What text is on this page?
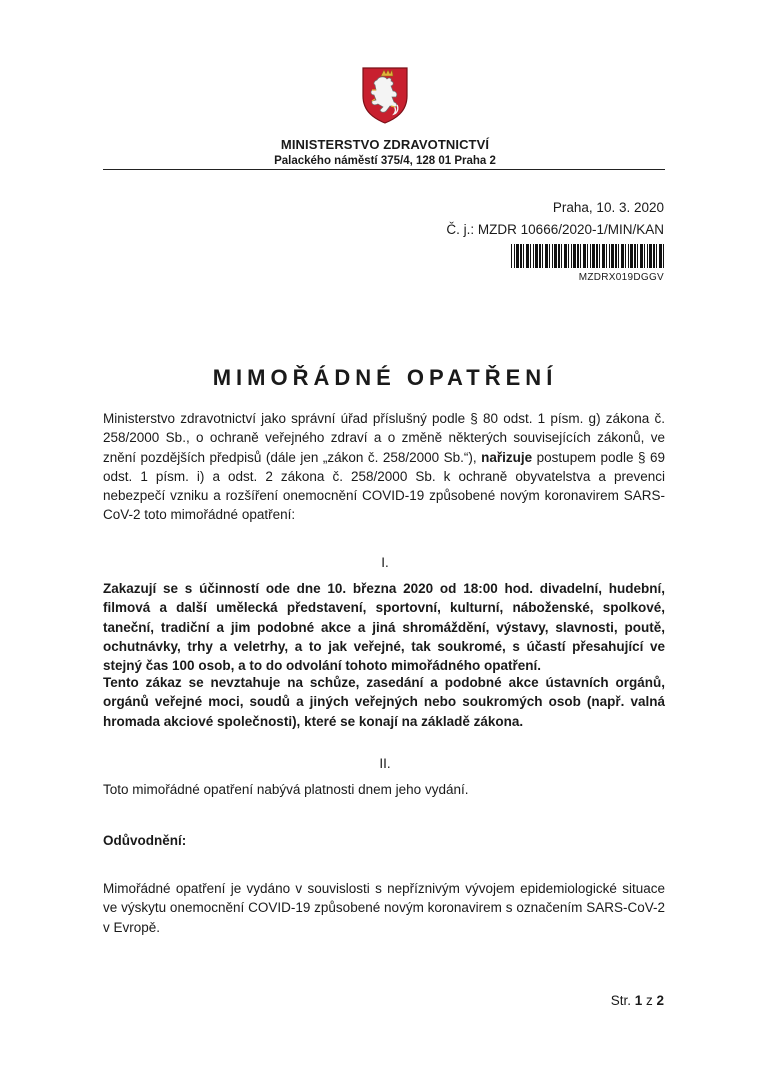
MINISTERSTVO ZDRAVOTNICTVÍ
Palackého náměstí 375/4, 128 01 Praha 2
Praha, 10. 3. 2020
Č. j.: MZDR 10666/2020-1/MIN/KAN
MZDRX019DGGV
MIMOŘÁDNÉ OPATŘENÍ

Ministerstvo zdravotnictví jako správní úřad příslušný podle § 80 odst. 1 písm. g) zákona č. 258/2000 Sb., o ochraně veřejného zdraví a o změně některých souvisejících zákonů, ve znění pozdějších předpisů (dále jen „zákon č. 258/2000 Sb.“), nařizuje postupem podle § 69 odst. 1 písm. i) a odst. 2 zákona č. 258/2000 Sb. k ochraně obyvatelstva a prevenci nebezpečí vzniku a rozšíření onemocnění COVID-19 způsobené novým koronavirem SARS-CoV-2 toto mimořádné opatření:

I.

Zakazují se s účinností ode dne 10. března 2020 od 18:00 hod. divadelní, hudební, filmová a další umělecká představení, sportovní, kulturní, náboženské, spolkové, taneční, tradiční a jim podobné akce a jiná shromáždění, výstavy, slavnosti, poutě, ochutnávky, trhy a veletrhy, a to jak veřejné, tak soukromé, s účastí přesahující ve stejný čas 100 osob, a to do odvolání tohoto mimořádného opatření.

Tento zákaz se nevztahuje na schůze, zasedání a podobné akce ústavních orgánů, orgánů veřejné moci, soudů a jiných veřejných nebo soukromých osob (např. valná hromada akciové společnosti), které se konají na základě zákona.

II.

Toto mimořádné opatření nabývá platnosti dnem jeho vydání.

Odůvodnění:

Mimořádné opatření je vydáno v souvislosti s nepříznivým vývojem epidemiologické situace ve výskytu onemocnění COVID-19 způsobené novým koronavirem s označením SARS-CoV-2 v Evropě.

Str. 1 z 2
